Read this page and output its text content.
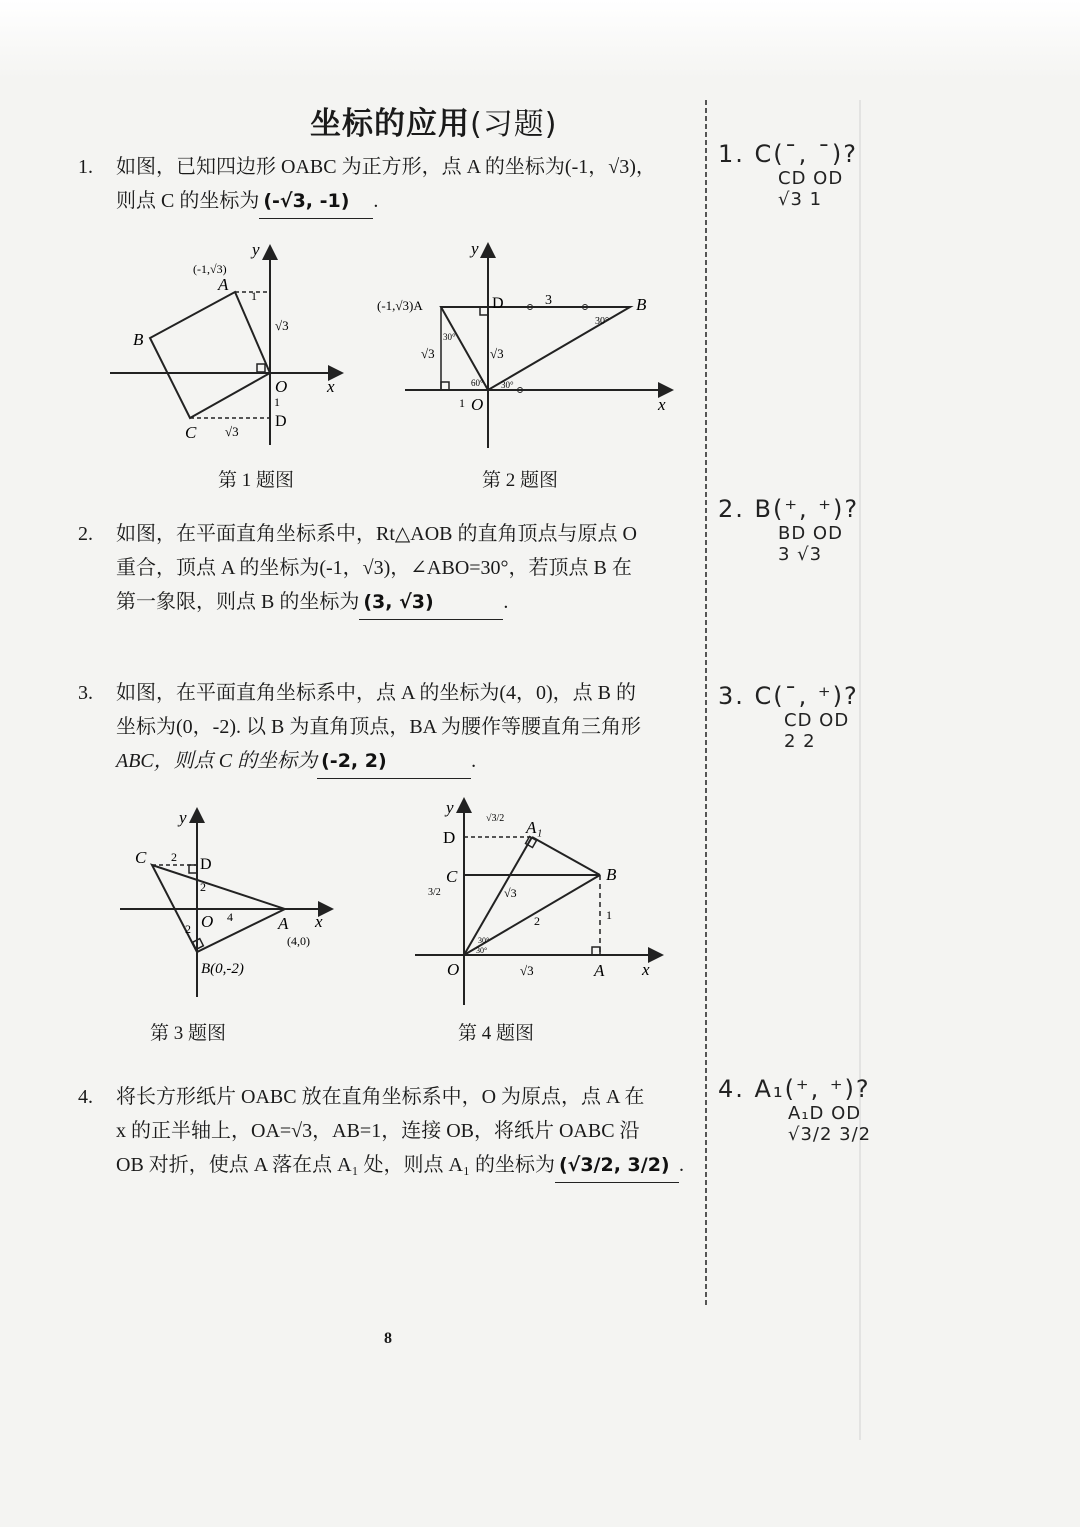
坐标的应用(习题)
1. 如图，已知四边形 OABC 为正方形，点 A 的坐标为(-1，√3)，
则点 C 的坐标为 (-√3, -1) .
y
x
O
A
B
C
D
(-1,√3)
√3
√3
1
1
第 1 题图
y
x
O
B
D
(-1,√3)A	3
√3
√3
1
30°
30°
60°
30°
第 2 题图
2. 如图，在平面直角坐标系中，Rt△AOB 的直角顶点与原点 O
重合，顶点 A 的坐标为(-1，√3)，∠ABO=30°，若顶点 B 在
第一象限，则点 B 的坐标为 (3, √3)	.
3. 如图，在平面直角坐标系中，点 A 的坐标为(4，0)，点 B 的
坐标为(0，-2). 以 B 为直角顶点，BA 为腰作等腰直角三角形
ABC，则点 C 的坐标为 (-2, 2)	.
y
x
O	A
C	D
B(0,-2)
(4,0)
2
2
2
4
第 3 题图
y
x
O	A
B
C
A₁
D
√3/2
3/2
√3
√3
1
2
30°
30°
第 4 题图
4. 将长方形纸片 OABC 放在直角坐标系中，O 为原点，点 A 在
x 的正半轴上，OA=√3，AB=1，连接 OB，将纸片 OABC 沿
OB 对折，使点 A 落在点 A₁ 处，则点 A₁ 的坐标为 (√3/2, 3/2) .
1. C(¯, ¯)?
CD OD
√3 1
2. B(⁺, ⁺)?
BD OD
3 √3
3. C(¯, ⁺)?
CD OD
2 2
4. A₁(⁺, ⁺)?
A₁D OD
√3/2 3/2
8
